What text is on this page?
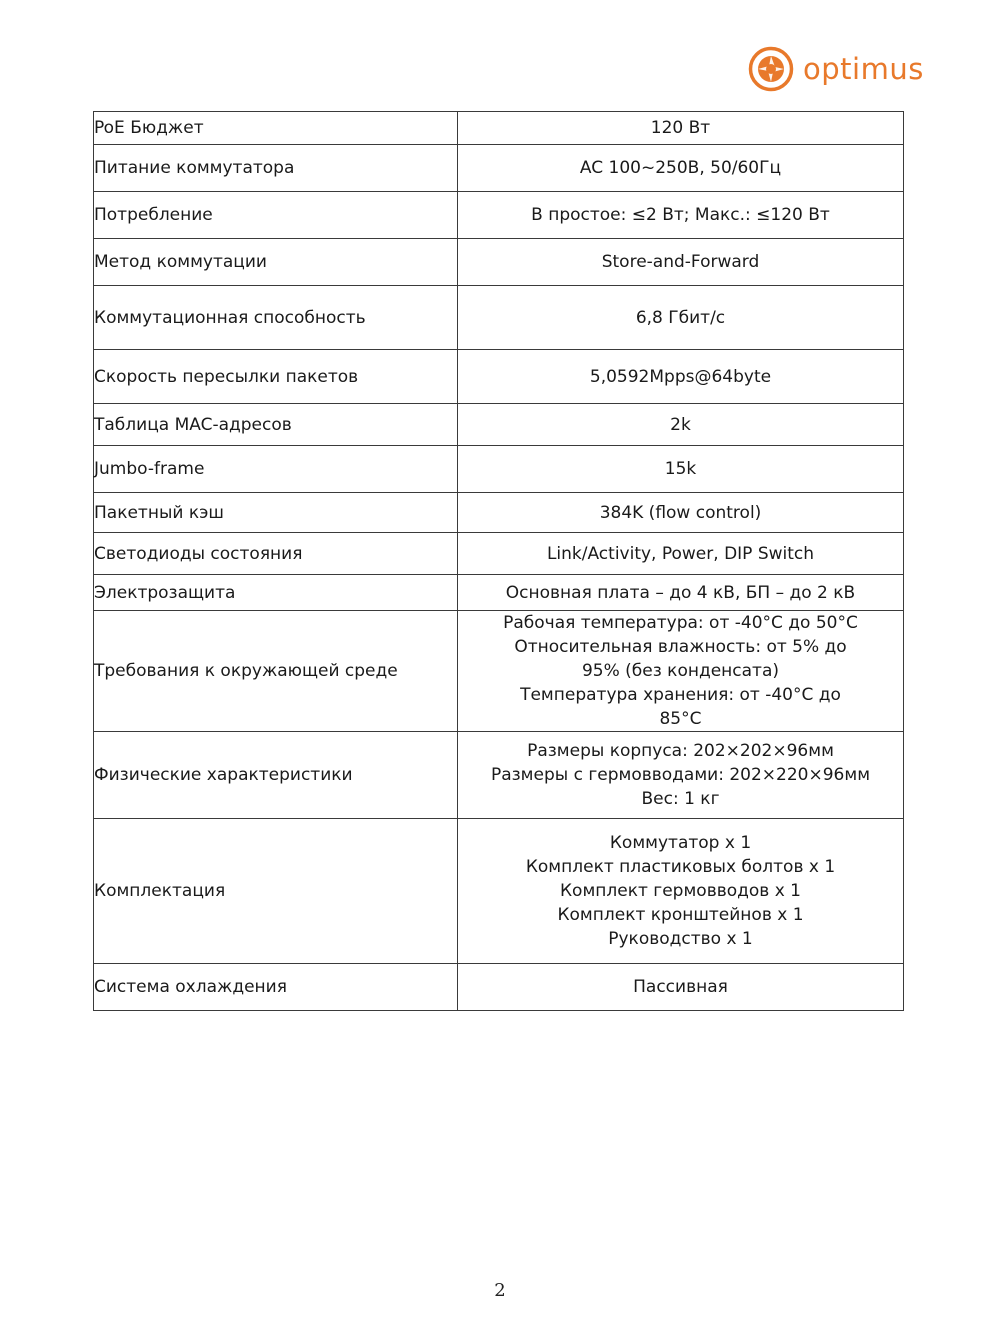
optimus
PoE Бюджет	120 Вт

Питание коммутатора	AC 100~250В, 50/60Гц

Потребление	В простое: ≤2 Вт; Макс.: ≤120 Вт

Метод коммутации	Store-and-Forward

Коммутационная способность	6,8 Гбит/с

Скорость пересылки пакетов	5,0592Mpps@64byte

Таблица MAC-адресов	2k

Jumbo-frame	15k

Пакетный кэш	384K (flow control)

Светодиоды состояния	Link/Activity, Power, DIP Switch

Электрозащита	Основная плата – до 4 кВ, БП – до 2 кВ

Требования к окружающей среде	Рабочая температура: от -40°C до 50°C
Относительная влажность: от 5% до 95% (без конденсата)
Температура хранения: от -40°C до 85°C

Физические характеристики	Размеры корпуса: 202×202×96мм
Размеры с гермовводами: 202×220×96мм
Вес: 1 кг

Комплектация	Коммутатор x 1
Комплект пластиковых болтов x 1
Комплект гермовводов x 1
Комплект кронштейнов x 1
Руководство x 1

Система охлаждения	Пассивная
2
